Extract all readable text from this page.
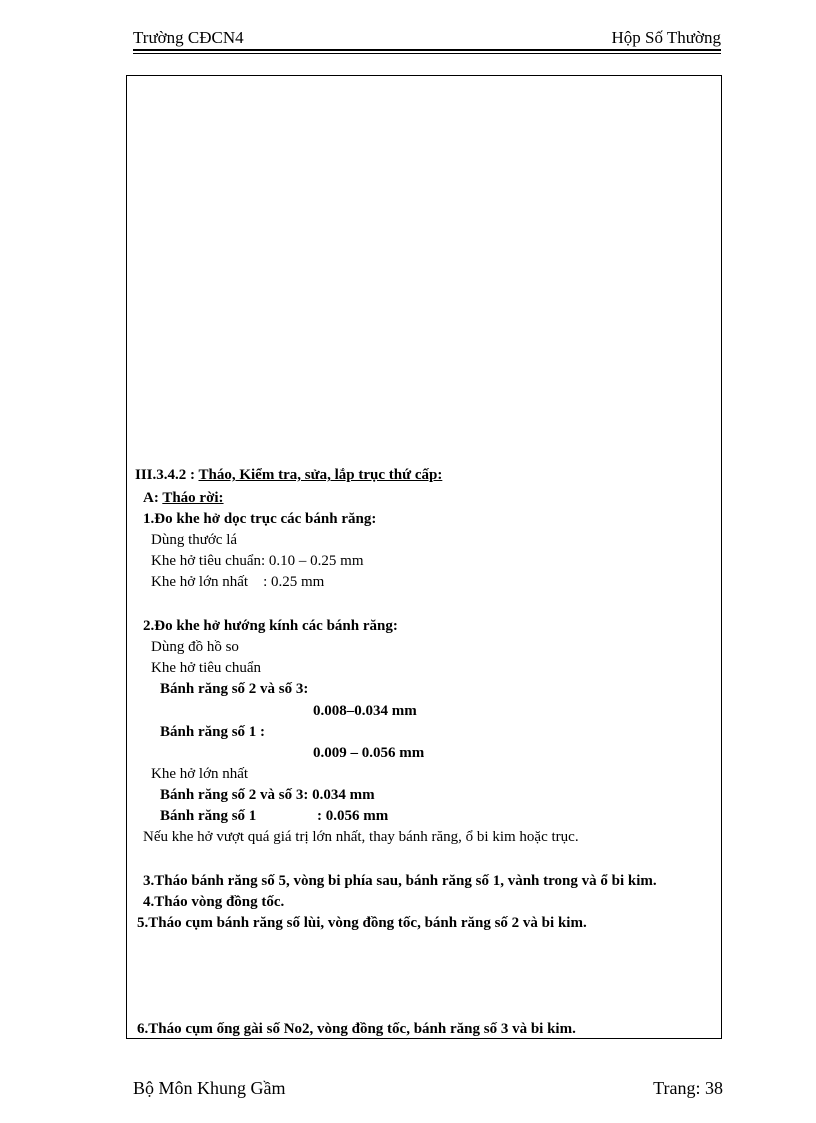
Trường CĐCN4	Hộp Số Thường
III.3.4.2 : Tháo, Kiểm tra, sửa, lắp trục thứ cấp:
A: Tháo rời:
1.Đo khe hở dọc trục các bánh răng:
Dùng thước lá
Khe hở tiêu chuẩn: 0.10 – 0.25 mm
Khe hở lớn nhất    : 0.25 mm
2.Đo khe hở hướng kính các bánh răng:
Dùng đồ hồ so
Khe hở tiêu chuẩn
Bánh răng số 2 và số 3:
0.008–0.034 mm
Bánh răng số 1 :
0.009 – 0.056 mm
Khe hở lớn nhất
Bánh răng số 2 và số 3: 0.034 mm
Bánh răng số 1	: 0.056 mm
Nếu khe hở vượt quá giá trị lớn nhất, thay bánh răng, ổ bi kim hoặc trục.
3.Tháo bánh răng số 5, vòng bi phía sau, bánh răng số 1, vành trong và ổ bi kim.
4.Tháo vòng đồng tốc.
5.Tháo cụm bánh răng số lùi, vòng đồng tốc, bánh răng số 2 và bi kim.
6.Tháo cụm ống gài số No2, vòng đồng tốc, bánh răng số 3 và bi kim.
Bộ Môn Khung Gầm	Trang: 38
